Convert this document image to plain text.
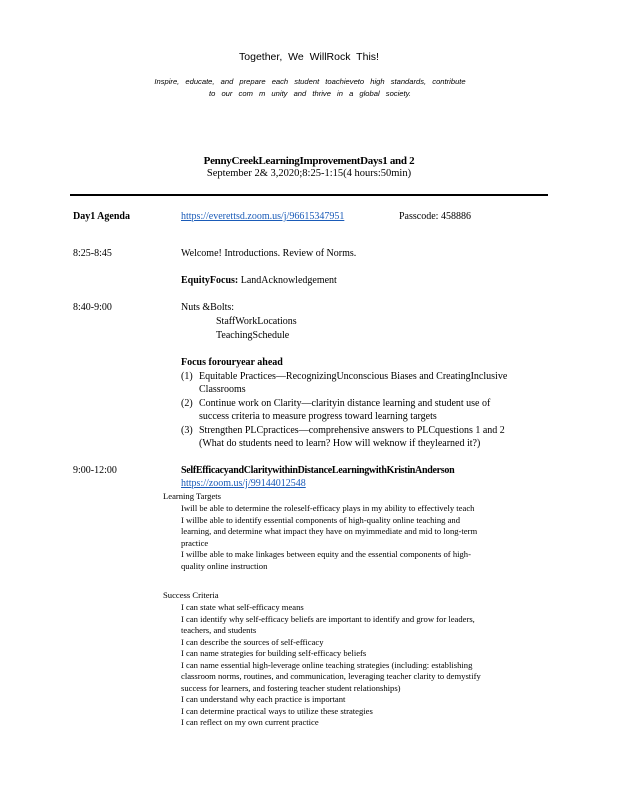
Together, We WillRock This!
Inspire, educate, and prepare each student toachieveto high standards, contribute
to our com m unity and thrive in a global society.
PennyCreekLearningImprovementDays1 and 2
September 2& 3,2020;8:25-1:15(4 hours:50min)
Day1 Agenda	https://everettsd.zoom.us/j/96615347951	Passcode: 458886
8:25-8:45	Welcome! Introductions. Review of Norms.
EquityFocus: LandAcknowledgement
8:40-9:00	Nuts &Bolts:
StaffWorkLocations
TeachingSchedule
Focus forouryear ahead
(1) Equitable Practices—RecognizingUnconscious Biases and CreatingInclusive
Classrooms
(2) Continue work on Clarity—clarityin distance learning and student use of
success criteria to measure progress toward learning targets
(3) Strengthen PLCpractices—comprehensive answers to PLCquestions 1 and 2
(What do students need to learn? How will weknow if theylearned it?)
9:00-12:00	SelfEfficacyandClaritywithinDistanceLearningwithKristinAnderson
https://zoom.us/j/99144012548
Learning Targets
Iwill be able to determine the roleself-efficacy plays in my ability to effectively teach
I willbe able to identify essential components of high-quality online teaching and
learning, and determine what impact they have on myimmediate and mid to long-term
practice
I willbe able to make linkages between equity and the essential components of high-
quality online instruction
Success Criteria
I can state what self-efficacy means
I can identify why self-efficacy beliefs are important to identify and grow for leaders,
teachers, and students
I can describe the sources of self-efficacy
I can name strategies for building self-efficacy beliefs
I can name essential high-leverage online teaching strategies (including: establishing
classroom norms, routines, and communication, leveraging teacher clarity to demystify
success for learners, and fostering teacher student relationships)
I can understand why each practice is important
I can determine practical ways to utilize these strategies
I can reflect on my own current practice
